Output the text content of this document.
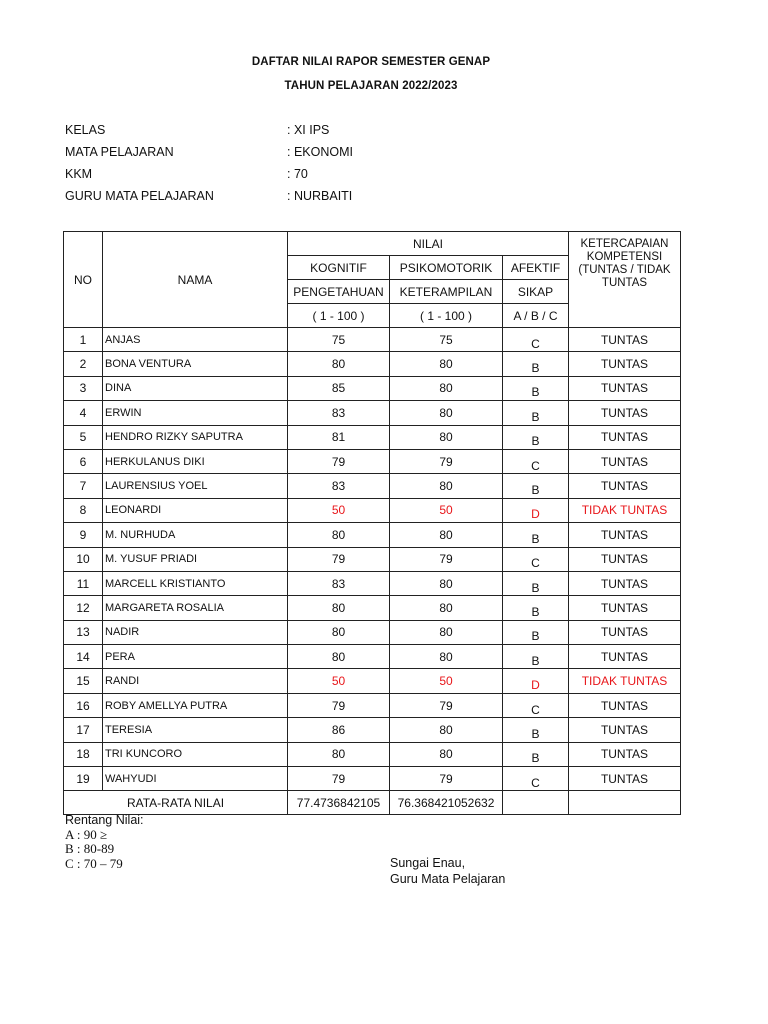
DAFTAR NILAI RAPOR SEMESTER GENAP
TAHUN PELAJARAN 2022/2023
KELAS	: XI IPS
MATA PELAJARAN	: EKONOMI
KKM	: 70
GURU MATA PELAJARAN	: NURBAITI
NO	NAMA	NILAI			KETERCAPAIAN KOMPETENSI (TUNTAS / TIDAK TUNTAS
		KOGNITIF	PSIKOMOTORIK	AFEKTIF	
		PENGETAHUAN	KETERAMPILAN	SIKAP	
		( 1 - 100 )	( 1 - 100 )	A / B / C	
1	ANJAS	75	75	C	TUNTAS
2	BONA VENTURA	80	80	B	TUNTAS
3	DINA	85	80	B	TUNTAS
4	ERWIN	83	80	B	TUNTAS
5	HENDRO RIZKY SAPUTRA	81	80	B	TUNTAS
6	HERKULANUS DIKI	79	79	C	TUNTAS
7	LAURENSIUS YOEL	83	80	B	TUNTAS
8	LEONARDI	50	50	D	TIDAK TUNTAS
9	M. NURHUDA	80	80	B	TUNTAS
10	M. YUSUF PRIADI	79	79	C	TUNTAS
11	MARCELL KRISTIANTO	83	80	B	TUNTAS
12	MARGARETA ROSALIA	80	80	B	TUNTAS
13	NADIR	80	80	B	TUNTAS
14	PERA	80	80	B	TUNTAS
15	RANDI	50	50	D	TIDAK TUNTAS
16	ROBY AMELLYA PUTRA	79	79	C	TUNTAS
17	TERESIA	86	80	B	TUNTAS
18	TRI KUNCORO	80	80	B	TUNTAS
19	WAHYUDI	79	79	C	TUNTAS
RATA-RATA NILAI		77.4736842105	76.368421052632		
Rentang Nilai:
A : 90 ≥
B : 80-89
C : 70 – 79	Sungai Enau,
Guru Mata Pelajaran
